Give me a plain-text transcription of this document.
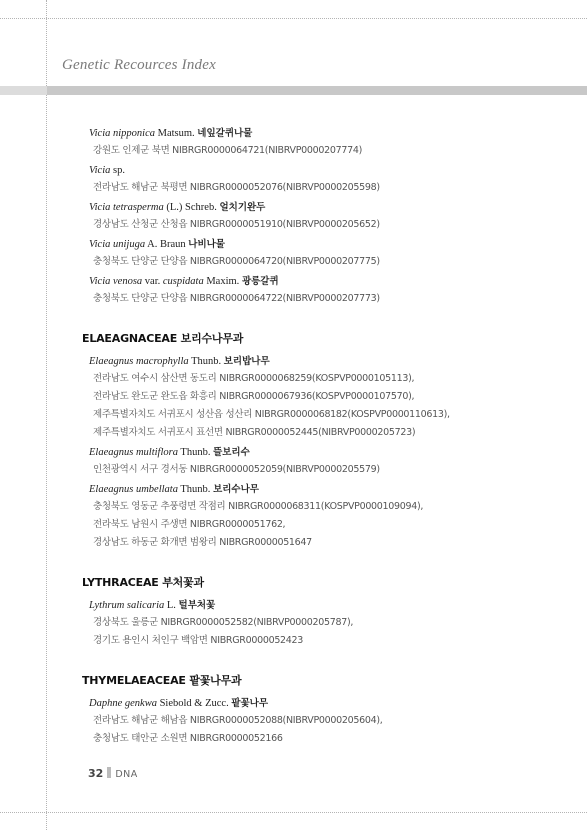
Genetic Recources Index
Vicia nipponica Matsum. 네잎갈퀴나물
강원도 인제군 북면 NIBRGR0000064721(NIBRVP0000207774)
Vicia sp.
전라남도 해남군 북평면 NIBRGR0000052076(NIBRVP0000205598)
Vicia tetrasperma (L.) Schreb. 얼치기완두
경상남도 산청군 산청읍 NIBRGR0000051910(NIBRVP0000205652)
Vicia unijuga A. Braun 나비나물
충청북도 단양군 단양읍 NIBRGR0000064720(NIBRVP0000207775)
Vicia venosa var. cuspidata Maxim. 광릉갈퀴
충청북도 단양군 단양읍 NIBRGR0000064722(NIBRVP0000207773)
ELAEAGNACEAE 보리수나무과
Elaeagnus macrophylla Thunb. 보리밥나무
전라남도 여수시 삼산면 동도리 NIBRGR0000068259(KOSPVP0000105113),
전라남도 완도군 완도읍 화흥리 NIBRGR0000067936(KOSPVP0000107570),
제주특별자치도 서귀포시 성산읍 성산리 NIBRGR0000068182(KOSPVP0000110613),
제주특별자치도 서귀포시 표선면 NIBRGR0000052445(NIBRVP0000205723)
Elaeagnus multiflora Thunb. 뜰보리수
인천광역시 서구 경서동 NIBRGR0000052059(NIBRVP0000205579)
Elaeagnus umbellata Thunb. 보리수나무
충청북도 영동군 추풍령면 작점리 NIBRGR0000068311(KOSPVP0000109094),
전라북도 남원시 주생면 NIBRGR0000051762,
경상남도 하동군 화개면 범왕리 NIBRGR0000051647
LYTHRACEAE 부처꽃과
Lythrum salicaria L. 털부처꽃
경상북도 울릉군 NIBRGR0000052582(NIBRVP0000205787),
경기도 용인시 처인구 백암면 NIBRGR0000052423
THYMELAEACEAE 팥꽃나무과
Daphne genkwa Siebold & Zucc. 팥꽃나무
전라남도 해남군 해남읍 NIBRGR0000052088(NIBRVP0000205604),
충청남도 태안군 소원면 NIBRGR0000052166
32 DNA
